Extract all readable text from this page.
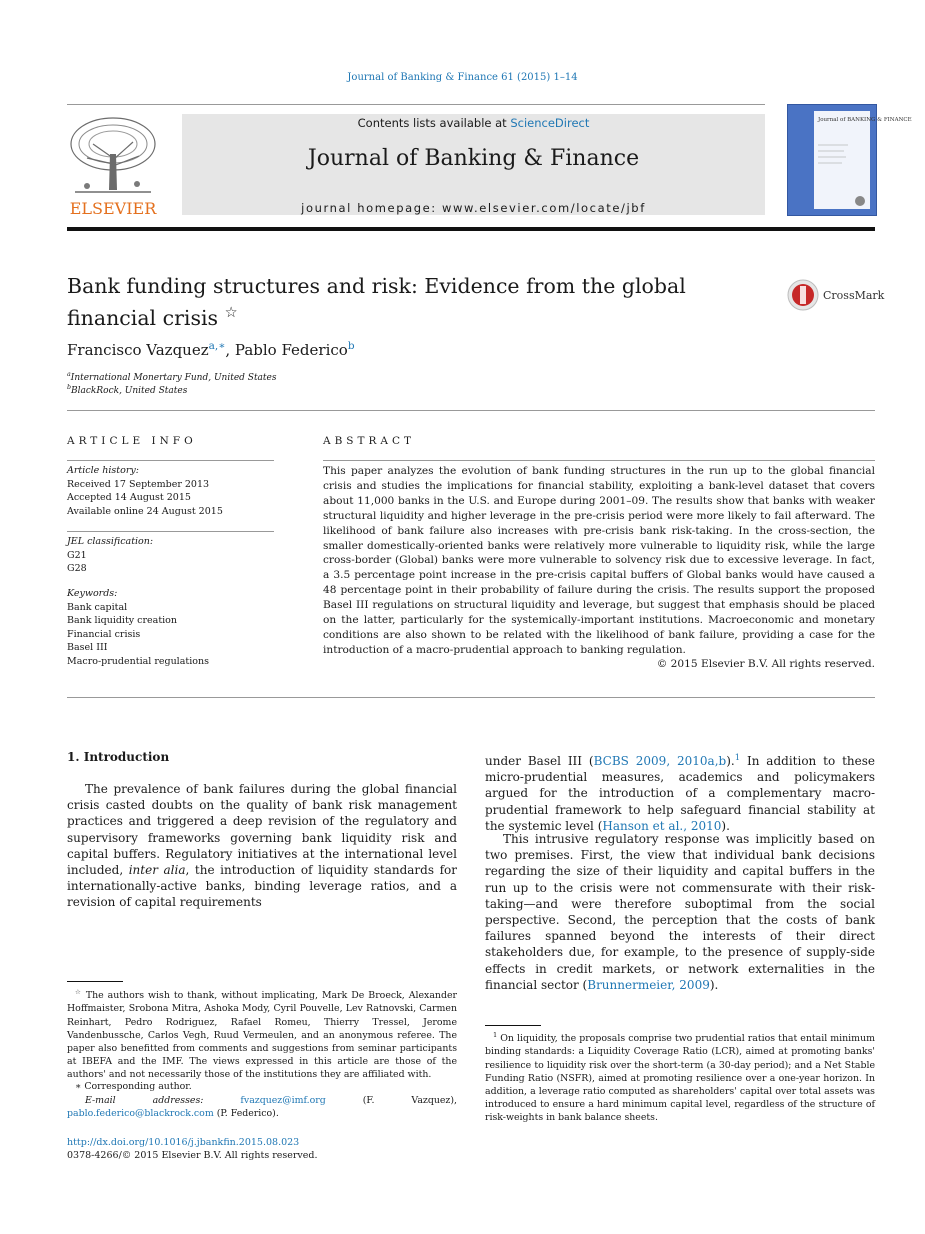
Journal of Banking & Finance 61 (2015) 1–14
ELSEVIER
Contents lists available at ScienceDirect
Journal of Banking & Finance
journal homepage: www.elsevier.com/locate/jbf
Journal of BANKING & FINANCE
Bank funding structures and risk: Evidence from the global financial crisis ☆
CrossMark
Francisco Vazquez$^{a,∗}$, Pablo Federico$^b$
$^a$International Monertary Fund, United States
$^b$BlackRock, United States
ARTICLE INFO
Article history:
Received 17 September 2013
Accepted 14 August 2015
Available online 24 August 2015
JEL classification:
G21
G28
Keywords:
Bank capital
Bank liquidity creation
Financial crisis
Basel III
Macro-prudential regulations
ABSTRACT
This paper analyzes the evolution of bank funding structures in the run up to the global financial crisis and studies the implications for financial stability, exploiting a bank-level dataset that covers about 11,000 banks in the U.S. and Europe during 2001–09. The results show that banks with weaker structural liquidity and higher leverage in the pre-crisis period were more likely to fail afterward. The likelihood of bank failure also increases with pre-crisis bank risk-taking. In the cross-section, the smaller domestically-oriented banks were relatively more vulnerable to liquidity risk, while the large cross-border (Global) banks were more vulnerable to solvency risk due to excessive leverage. In fact, a 3.5 percentage point increase in the pre-crisis capital buffers of Global banks would have caused a 48 percentage point in their probability of failure during the crisis. The results support the proposed Basel III regulations on structural liquidity and leverage, but suggest that emphasis should be placed on the latter, particularly for the systemically-important institutions. Macroeconomic and monetary conditions are also shown to be related with the likelihood of bank failure, providing a case for the introduction of a macro-prudential approach to banking regulation.
© 2015 Elsevier B.V. All rights reserved.
1. Introduction
The prevalence of bank failures during the global financial crisis casted doubts on the quality of bank risk management practices and triggered a deep revision of the regulatory and supervisory frameworks governing bank liquidity risk and capital buffers. Regulatory initiatives at the international level included, inter alia, the introduction of liquidity standards for internationally-active banks, binding leverage ratios, and a revision of capital requirements
under Basel III (BCBS 2009, 2010a,b).$^1$ In addition to these micro-prudential measures, academics and policymakers argued for the introduction of a complementary macro-prudential framework to help safeguard financial stability at the systemic level (Hanson et al., 2010).
This intrusive regulatory response was implicitly based on two premises. First, the view that individual bank decisions regarding the size of their liquidity and capital buffers in the run up to the crisis were not commensurate with their risk-taking—and were therefore suboptimal from the social perspective. Second, the perception that the costs of bank failures spanned beyond the interests of their direct stakeholders due, for example, to the presence of supply-side effects in credit markets, or network externalities in the financial sector (Brunnermeier, 2009).
☆ The authors wish to thank, without implicating, Mark De Broeck, Alexander Hoffmaister, Srobona Mitra, Ashoka Mody, Cyril Pouvelle, Lev Ratnovski, Carmen Reinhart, Pedro Rodriguez, Rafael Romeu, Thierry Tressel, Jerome Vandenbussche, Carlos Vegh, Ruud Vermeulen, and an anonymous referee. The paper also benefitted from comments and suggestions from seminar participants at IBEFA and the IMF. The views expressed in this article are those of the authors' and not necessarily those of the institutions they are affiliated with.
∗ Corresponding author.
E-mail addresses:	fvazquez@imf.org (F. Vazquez), pablo.federico@blackrock.com (P. Federico).
$^1$ On liquidity, the proposals comprise two prudential ratios that entail minimum binding standards: a Liquidity Coverage Ratio (LCR), aimed at promoting banks' resilience to liquidity risk over the short-term (a 30-day period); and a Net Stable Funding Ratio (NSFR), aimed at promoting resilience over a one-year horizon. In addition, a leverage ratio computed as shareholders' capital over total assets was introduced to ensure a hard minimum capital level, regardless of the structure of risk-weights in bank balance sheets.
http://dx.doi.org/10.1016/j.jbankfin.2015.08.023
0378-4266/© 2015 Elsevier B.V. All rights reserved.
